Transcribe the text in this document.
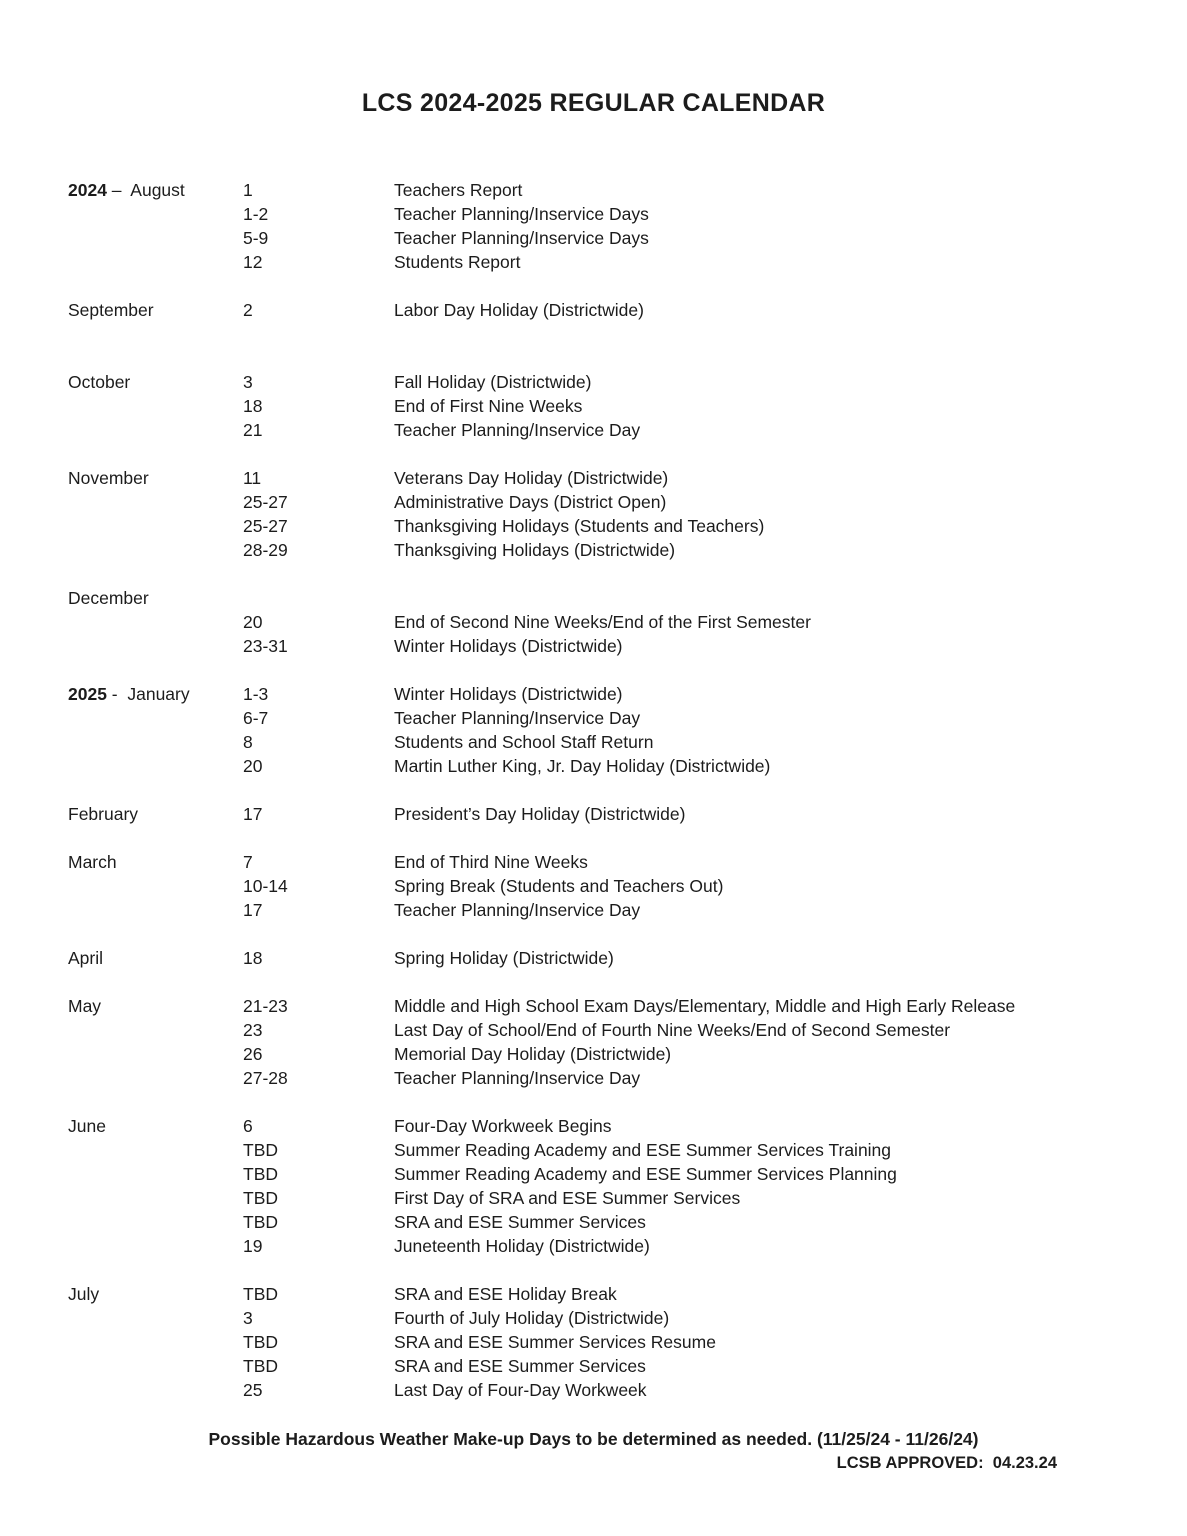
LCS 2024-2025 REGULAR CALENDAR
2024 –  August	1	Teachers Report
1-2	Teacher Planning/Inservice Days
5-9	Teacher Planning/Inservice Days
12	Students Report
September	2	Labor Day Holiday (Districtwide)
October	3	Fall Holiday (Districtwide)
18	End of First Nine Weeks
21	Teacher Planning/Inservice Day
November	11	Veterans Day Holiday (Districtwide)
25-27	Administrative Days (District Open)
25-27	Thanksgiving Holidays (Students and Teachers)
28-29	Thanksgiving Holidays (Districtwide)
December
20	End of Second Nine Weeks/End of the First Semester
23-31	Winter Holidays (Districtwide)
2025 -  January	1-3	Winter Holidays (Districtwide)
6-7	Teacher Planning/Inservice Day
8	Students and School Staff Return
20	Martin Luther King, Jr. Day Holiday (Districtwide)
February	17	President’s Day Holiday (Districtwide)
March	7	End of Third Nine Weeks
10-14	Spring Break (Students and Teachers Out)
17	Teacher Planning/Inservice Day
April	18	Spring Holiday (Districtwide)
May	21-23	Middle and High School Exam Days/Elementary, Middle and High Early Release
23	Last Day of School/End of Fourth Nine Weeks/End of Second Semester
26	Memorial Day Holiday (Districtwide)
27-28	Teacher Planning/Inservice Day
June	6	Four-Day Workweek Begins
TBD	Summer Reading Academy and ESE Summer Services Training
TBD	Summer Reading Academy and ESE Summer Services Planning
TBD	First Day of SRA and ESE Summer Services
TBD	SRA and ESE Summer Services
19	Juneteenth Holiday (Districtwide)
July	TBD	SRA and ESE Holiday Break
3	Fourth of July Holiday (Districtwide)
TBD	SRA and ESE Summer Services Resume
TBD	SRA and ESE Summer Services
25	Last Day of Four-Day Workweek
Possible Hazardous Weather Make-up Days to be determined as needed. (11/25/24 - 11/26/24)
LCSB APPROVED:  04.23.24
